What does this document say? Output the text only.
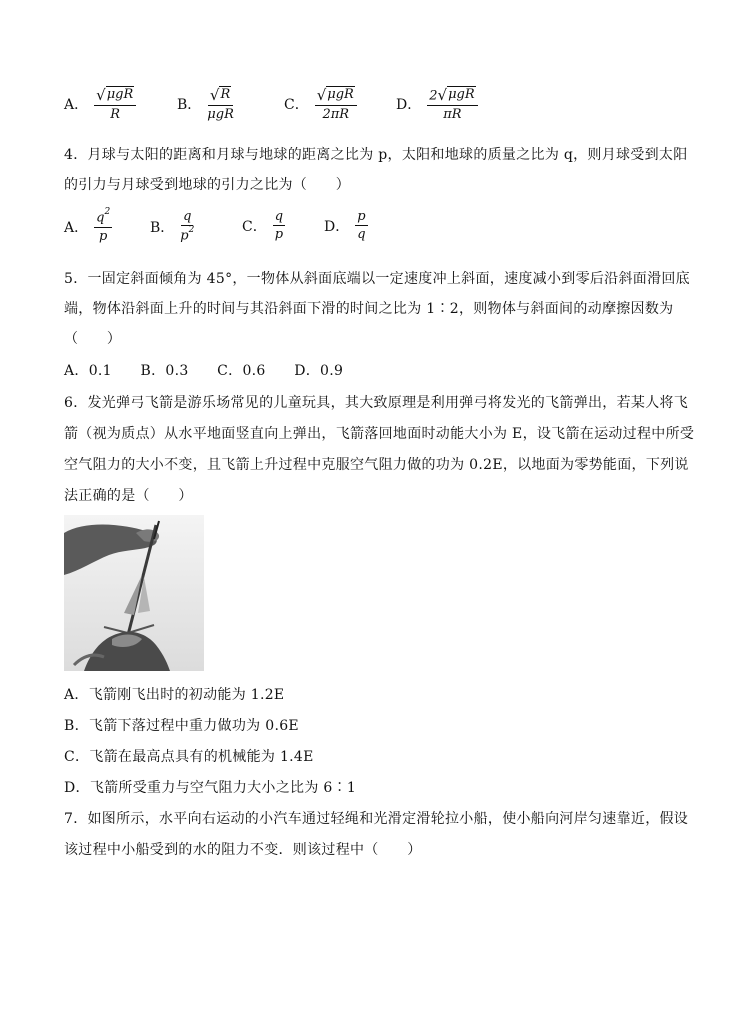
A． $\frac{\text{√ μgR}}{R}$	B． $\frac{√ R}{\text{μgR}}$	C． $\frac{\text{√ μgR}}{2\pi R}$	D． $\frac{\text{2 √ μgR}}{\pi R}$
4．月球与太阳的距离和月球与地球的距离之比为 p，太阳和地球的质量之比为 q，则月球受到太阳
的引力与月球受到地球的引力之比为（　　）
A． $\frac{q^2}{p}$	B． $\frac{q}{p^2}$	C． $\frac{q}{p}$	D． $\frac{p}{q}$
5．一固定斜面倾角为 45°，一物体从斜面底端以一定速度冲上斜面，速度减小到零后沿斜面滑回底
端，物体沿斜面上升的时间与其沿斜面下滑的时间之比为 1∶2，则物体与斜面间的动摩擦因数为
（　　）
A．0.1　　B．0.3　　C．0.6　　D．0.9
6．发光弹弓飞箭是游乐场常见的儿童玩具，其大致原理是利用弹弓将发光的飞箭弹出，若某人将飞
箭（视为质点）从水平地面竖直向上弹出，飞箭落回地面时动能大小为 E，设飞箭在运动过程中所受
空气阻力的大小不变，且飞箭上升过程中克服空气阻力做的功为 0.2E，以地面为零势能面，下列说
法正确的是（　　）
A．飞箭刚飞出时的初动能为 1.2E
B．飞箭下落过程中重力做功为 0.6E
C．飞箭在最高点具有的机械能为 1.4E
D．飞箭所受重力与空气阻力大小之比为 6∶1
7．如图所示，水平向右运动的小汽车通过轻绳和光滑定滑轮拉小船，使小船向河岸匀速靠近，假设
该过程中小船受到的水的阻力不变．则该过程中（　　）
